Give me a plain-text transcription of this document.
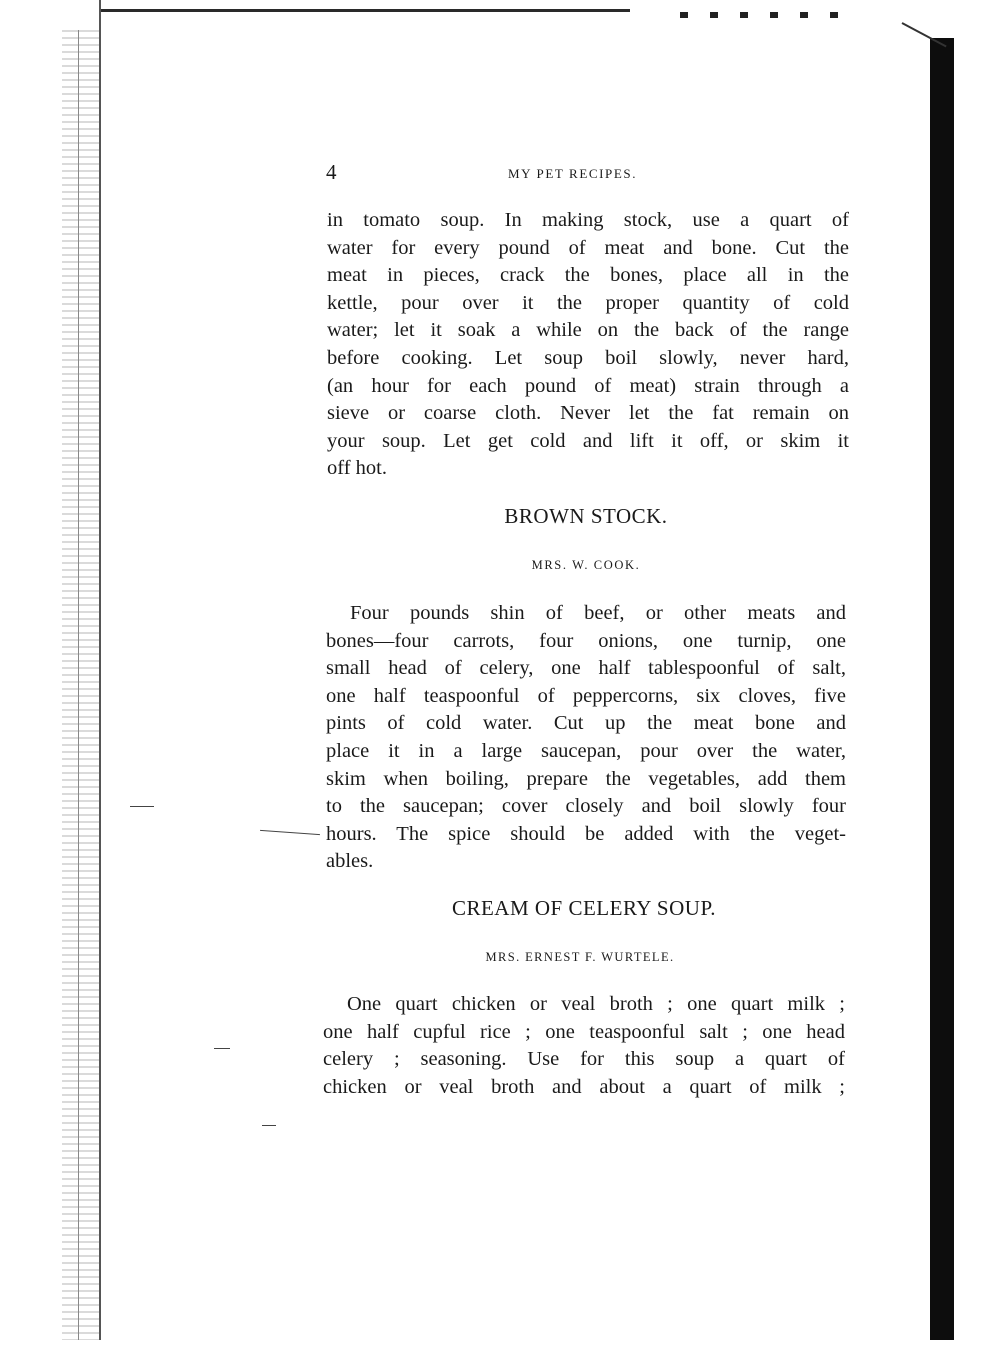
4	MY PET RECIPES.
in tomato soup. In making stock, use a quart of
water for every pound of meat and bone. Cut the
meat in pieces, crack the bones, place all in the
kettle, pour over it the proper quantity of cold
water; let it soak a while on the back of the range
before cooking. Let soup boil slowly, never hard,
(an hour for each pound of meat) strain through a
sieve or coarse cloth. Never let the fat remain on
your soup. Let get cold and lift it off, or skim it
off hot.
BROWN STOCK.
MRS. W. COOK.
Four pounds shin of beef, or other meats and
bones—four carrots, four onions, one turnip, one
small head of celery, one half tablespoonful of salt,
one half teaspoonful of peppercorns, six cloves, five
pints of cold water. Cut up the meat bone and
place it in a large saucepan, pour over the water,
skim when boiling, prepare the vegetables, add them
to the saucepan; cover closely and boil slowly four
hours. The spice should be added with the veget-
ables.
CREAM OF CELERY SOUP.
MRS. ERNEST F. WURTELE.
One quart chicken or veal broth ; one quart milk ;
one half cupful rice ; one teaspoonful salt ; one head
celery ; seasoning. Use for this soup a quart of
chicken or veal broth and about a quart of milk ;
